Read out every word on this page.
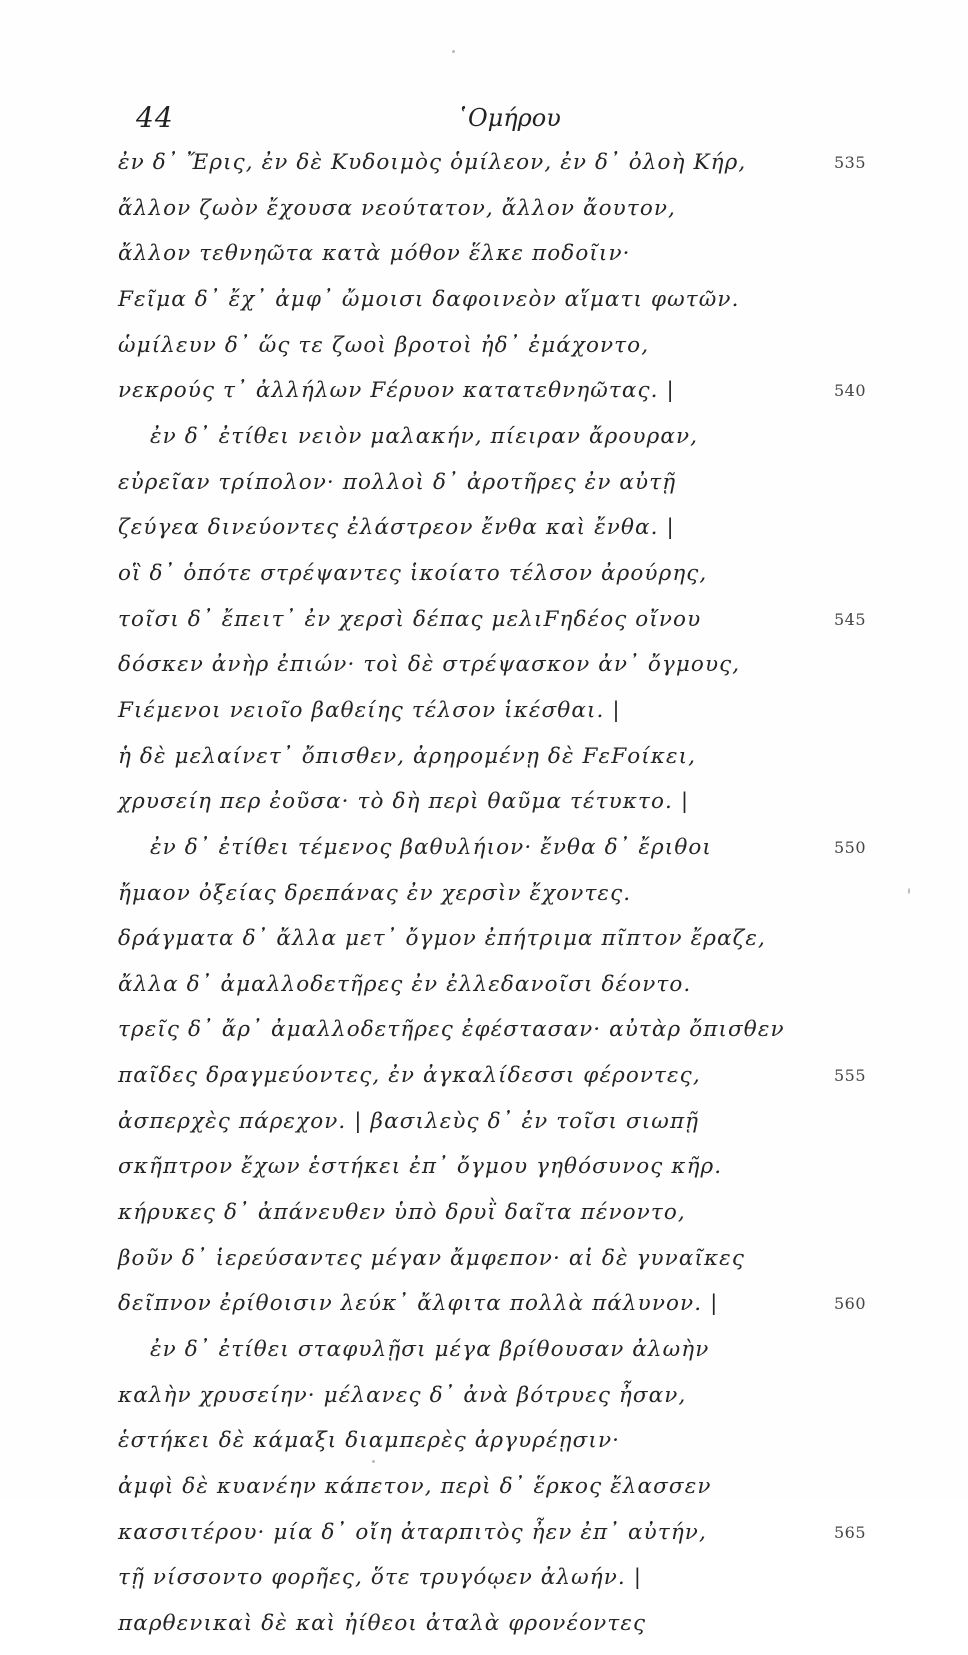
44	῾Ομήρου
ἐν δ᾽ Ἔρις, ἐν δὲ Κυδοιμὸς ὁμίλεον, ἐν δ᾽ ὀλοὴ Κήρ,	535
ἄλλον ζωὸν ἔχουσα νεούτατον, ἄλλον ἄουτον,
ἄλλον τεθνηῶτα κατὰ μόθον ἕλκε ποδοῖιν·
Fεῖμα δ᾽ ἔχ᾽ ἀμφ᾽ ὤμοισι δαφοινεὸν αἵματι φωτῶν.
ὡμίλευν δ᾽ ὥς τε ζωοὶ βροτοὶ ἠδ᾽ ἐμάχοντο,
νεκρούς τ᾽ ἀλλήλων Fέρυον κατατεθνηῶτας. |	540
ἐν δ᾽ ἐτίθει νειὸν μαλακήν, πίειραν ἄρουραν,
εὐρεῖαν τρίπολον· πολλοὶ δ᾽ ἀροτῆρες ἐν αὐτῇ
ζεύγεα δινεύοντες ἐλάστρεον ἔνθα καὶ ἔνθα. |
οἳ δ᾽ ὁπότε στρέψαντες ἱκοίατο τέλσον ἀρούρης,
τοῖσι δ᾽ ἔπειτ᾽ ἐν χερσὶ δέπας μελιFηδέος οἴνου	545
δόσκεν ἀνὴρ ἐπιών· τοὶ δὲ στρέψασκον ἀν᾽ ὄγμους,
Fιέμενοι νειοῖο βαθείης τέλσον ἱκέσθαι. |
ἡ δὲ μελαίνετ᾽ ὄπισθεν, ἀρηρομένῃ δὲ FεFοίκει,
χρυσείη περ ἐοῦσα· τὸ δὴ περὶ θαῦμα τέτυκτο. |
ἐν δ᾽ ἐτίθει τέμενος βαθυλήιον· ἔνθα δ᾽ ἔριθοι	550
ἤμαον ὀξείας δρεπάνας ἐν χερσὶν ἔχοντες.
δράγματα δ᾽ ἄλλα μετ᾽ ὄγμον ἐπήτριμα πῖπτον ἔραζε,
ἄλλα δ᾽ ἀμαλλοδετῆρες ἐν ἐλλεδανοῖσι δέοντο.
τρεῖς δ᾽ ἄρ᾽ ἀμαλλοδετῆρες ἐφέστασαν· αὐτὰρ ὄπισθεν
παῖδες δραγμεύοντες, ἐν ἀγκαλίδεσσι φέροντες,	555
ἀσπερχὲς πάρεχον. | βασιλεὺς δ᾽ ἐν τοῖσι σιωπῇ
σκῆπτρον ἔχων ἑστήκει ἐπ᾽ ὄγμου γηθόσυνος κῆρ.
κήρυκες δ᾽ ἀπάνευθεν ὑπὸ δρυῒ δαῖτα πένοντο,
βοῦν δ᾽ ἱερεύσαντες μέγαν ἄμφεπον· αἱ δὲ γυναῖκες
δεῖπνον ἐρίθοισιν λεύκ᾽ ἄλφιτα πολλὰ πάλυνον. |	560
ἐν δ᾽ ἐτίθει σταφυλῇσι μέγα βρίθουσαν ἀλωὴν
καλὴν χρυσείην· μέλανες δ᾽ ἀνὰ βότρυες ἦσαν,
ἑστήκει δὲ κάμαξι διαμπερὲς ἀργυρέῃσιν·
ἀμφὶ δὲ κυανέην κάπετον, περὶ δ᾽ ἕρκος ἔλασσεν
κασσιτέρου· μία δ᾽ οἴη ἀταρπιτὸς ἦεν ἐπ᾽ αὐτήν,	565
τῇ νίσσοντο φορῆες, ὅτε τρυγόῳεν ἀλωήν. |
παρθενικαὶ δὲ καὶ ἠίθεοι ἀταλὰ φρονέοντες
